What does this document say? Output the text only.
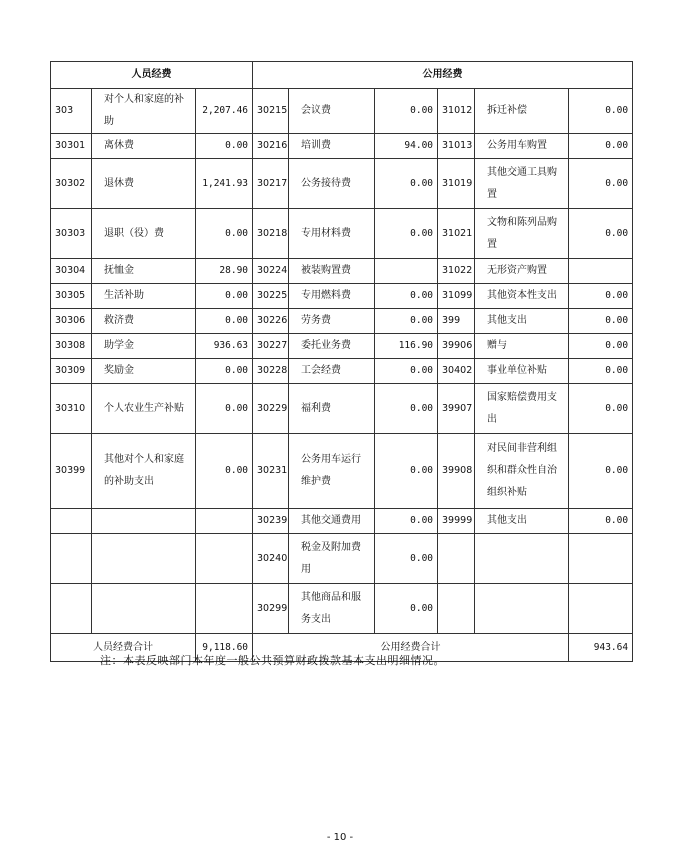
人员经费			公用经费					
303	对个人和家庭的补助	2,207.46	30215	会议费	0.00	31012	拆迁补偿	0.00
30301	离休费	0.00	30216	培训费	94.00	31013	公务用车购置	0.00
30302	退休费	1,241.93	30217	公务接待费	0.00	31019	其他交通工具购置	0.00
30303	退职（役）费	0.00	30218	专用材料费	0.00	31021	文物和陈列品购置	0.00
30304	抚恤金	28.90	30224	被装购置费		31022	无形资产购置	
30305	生活补助	0.00	30225	专用燃料费	0.00	31099	其他资本性支出	0.00
30306	救济费	0.00	30226	劳务费	0.00	399	其他支出	0.00
30308	助学金	936.63	30227	委托业务费	116.90	39906	赠与	0.00
30309	奖励金	0.00	30228	工会经费	0.00	30402	事业单位补贴	0.00
30310	个人农业生产补贴	0.00	30229	福利费	0.00	39907	国家赔偿费用支出	0.00
30399	其他对个人和家庭的补助支出	0.00	30231	公务用车运行维护费	0.00	39908	对民间非营利组织和群众性自治组织补贴	0.00
			30239	其他交通费用	0.00	39999	其他支出	0.00
			30240	税金及附加费用	0.00			
			30299	其他商品和服务支出	0.00			
人员经费合计		9,118.60	公用经费合计					943.64
注：本表反映部门本年度一般公共预算财政拨款基本支出明细情况。
- 10 -
